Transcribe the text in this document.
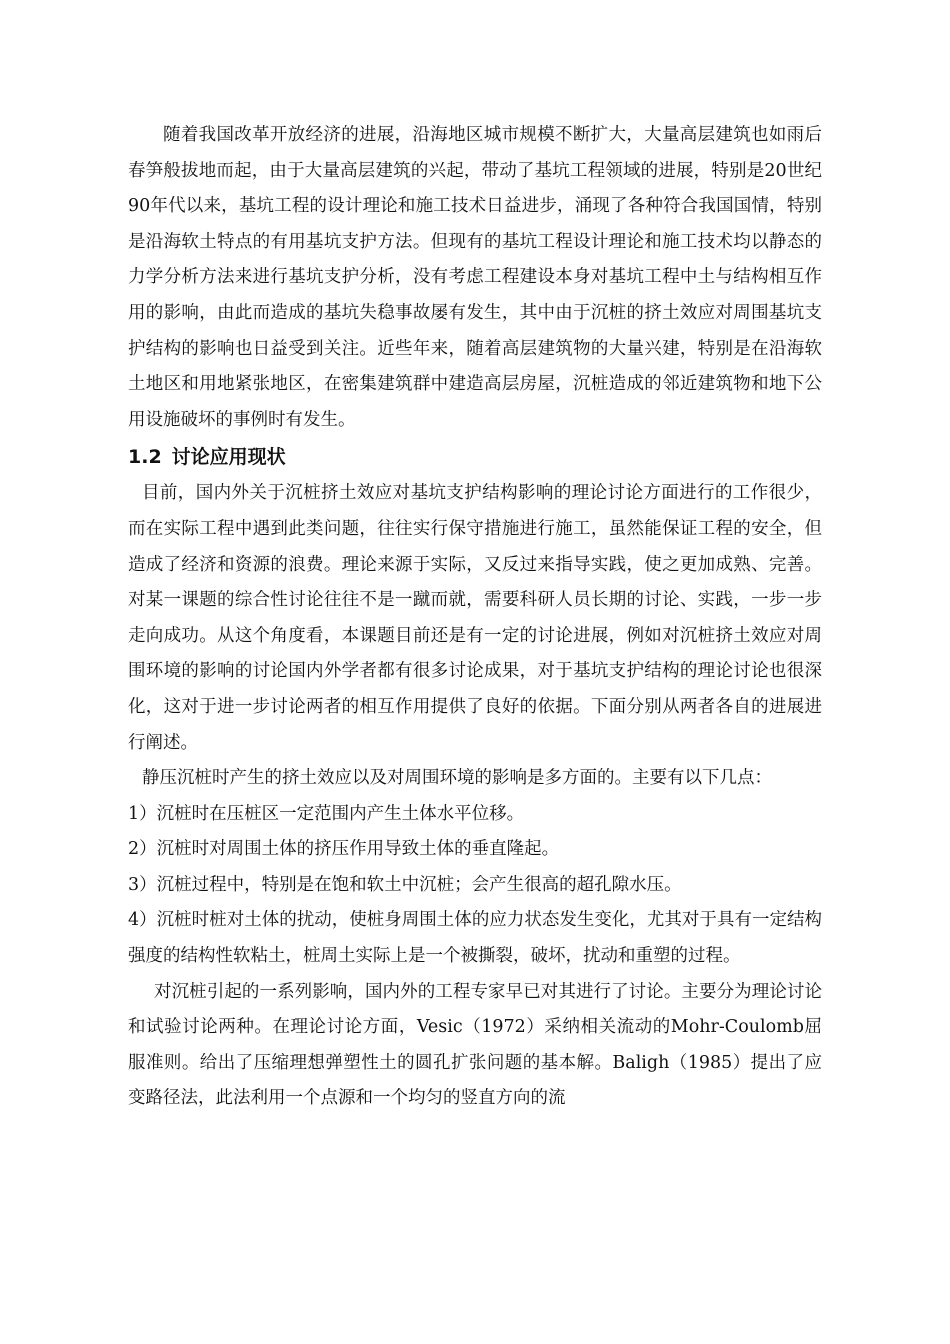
随着我国改革开放经济的进展，沿海地区城市规模不断扩大，大量高层建筑也如雨后春笋般拔地而起，由于大量高层建筑的兴起，带动了基坑工程领域的进展，特别是20世纪90年代以来，基坑工程的设计理论和施工技术日益进步，涌现了各种符合我国国情，特别是沿海软土特点的有用基坑支护方法。但现有的基坑工程设计理论和施工技术均以静态的力学分析方法来进行基坑支护分析，没有考虑工程建设本身对基坑工程中土与结构相互作用的影响，由此而造成的基坑失稳事故屡有发生，其中由于沉桩的挤土效应对周围基坑支护结构的影响也日益受到关注。近些年来，随着高层建筑物的大量兴建，特别是在沿海软土地区和用地紧张地区，在密集建筑群中建造高层房屋，沉桩造成的邻近建筑物和地下公用设施破坏的事例时有发生。

1.2 讨论应用现状

目前，国内外关于沉桩挤土效应对基坑支护结构影响的理论讨论方面进行的工作很少，而在实际工程中遇到此类问题，往往实行保守措施进行施工，虽然能保证工程的安全，但造成了经济和资源的浪费。理论来源于实际，又反过来指导实践，使之更加成熟、完善。对某一课题的综合性讨论往往不是一蹴而就，需要科研人员长期的讨论、实践，一步一步走向成功。从这个角度看，本课题目前还是有一定的讨论进展，例如对沉桩挤土效应对周围环境的影响的讨论国内外学者都有很多讨论成果，对于基坑支护结构的理论讨论也很深化，这对于进一步讨论两者的相互作用提供了良好的依据。下面分别从两者各自的进展进行阐述。

静压沉桩时产生的挤土效应以及对周围环境的影响是多方面的。主要有以下几点：

1）沉桩时在压桩区一定范围内产生土体水平位移。

2）沉桩时对周围土体的挤压作用导致土体的垂直隆起。

3）沉桩过程中，特别是在饱和软土中沉桩；会产生很高的超孔隙水压。

4）沉桩时桩对土体的扰动，使桩身周围土体的应力状态发生变化，尤其对于具有一定结构强度的结构性软粘土，桩周土实际上是一个被撕裂，破坏，扰动和重塑的过程。

对沉桩引起的一系列影响，国内外的工程专家早已对其进行了讨论。主要分为理论讨论和试验讨论两种。在理论讨论方面，Vesic（1972）采纳相关流动的Mohr-Coulomb屈服准则。给出了压缩理想弹塑性土的圆孔扩张问题的基本解。Baligh（1985）提出了应变路径法，此法利用一个点源和一个均匀的竖直方向的流
